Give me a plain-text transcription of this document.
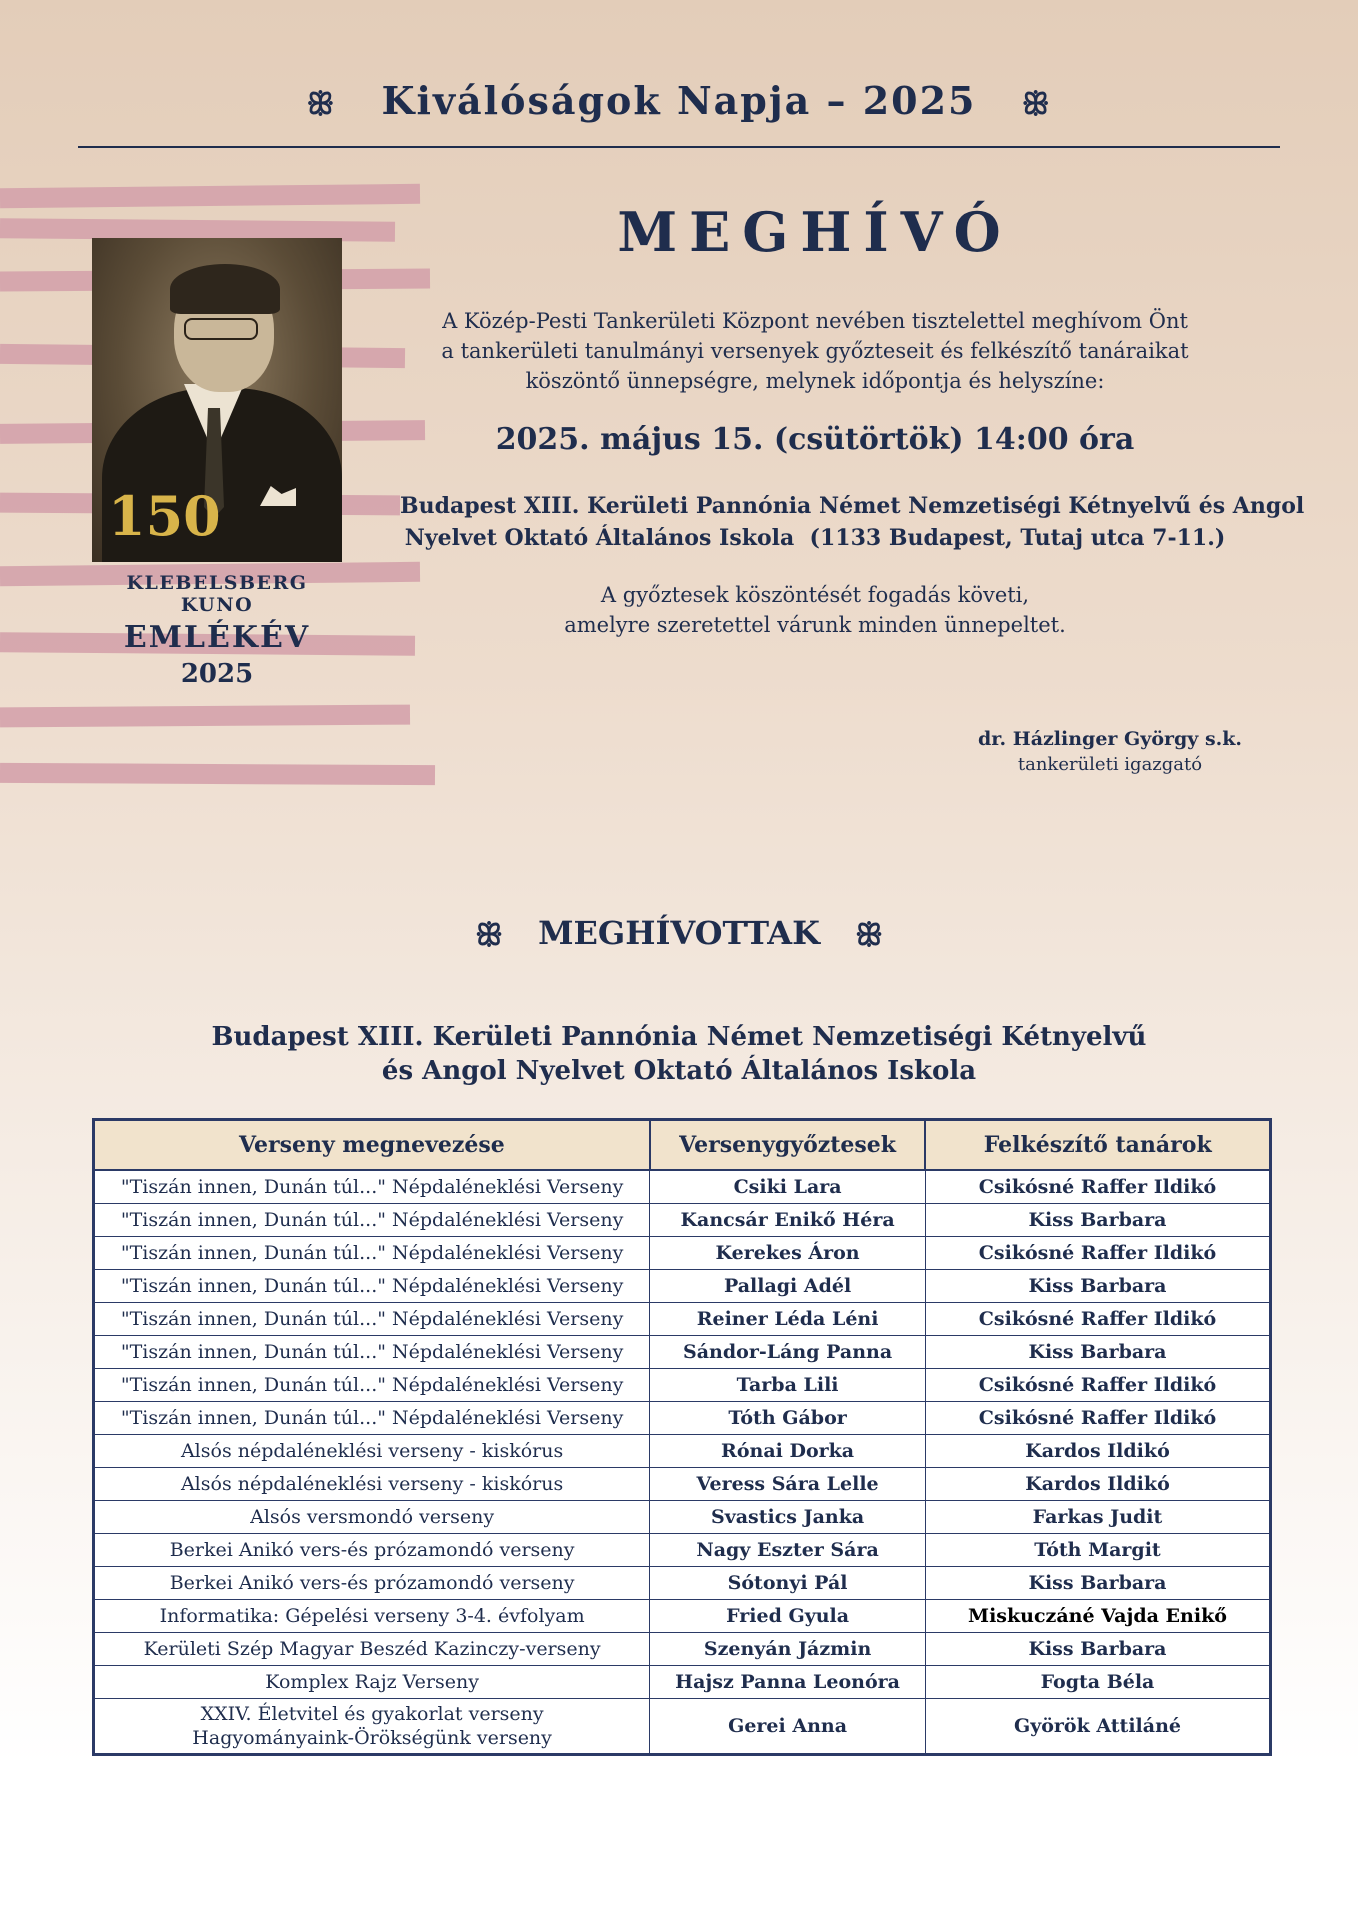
ꕥ Kiválóságok Napja – 2025 ꕥ
150
KLEBELSBERG KUNO
EMLÉKÉV
2025
MEGHÍVÓ
A Közép-Pesti Tankerületi Központ nevében tisztelettel meghívom Önt
a tankerületi tanulmányi versenyek győzteseit és felkészítő tanáraikat
köszöntő ünnepségre, melynek időpontja és helyszíne:
2025. május 15. (csütörtök) 14:00 óra
Budapest XIII. Kerületi Pannónia Német Nemzetiségi Kétnyelvű és Angol
Nyelvet Oktató Általános Iskola  (1133 Budapest, Tutaj utca 7-11.)
A győztesek köszöntését fogadás követi,
amelyre szeretettel várunk minden ünnepeltet.
dr. Házlinger György s.k.
tankerületi igazgató
ꕥ MEGHÍVOTTAK ꕥ
Budapest XIII. Kerületi Pannónia Német Nemzetiségi Kétnyelvű
és Angol Nyelvet Oktató Általános Iskola
Verseny megnevezése	Versenygyőztesek	Felkészítő tanárok
"Tiszán innen, Dunán túl..." Népdaléneklési Verseny	Csiki Lara	Csikósné Raffer Ildikó
"Tiszán innen, Dunán túl..." Népdaléneklési Verseny	Kancsár Enikő Héra	Kiss Barbara
"Tiszán innen, Dunán túl..." Népdaléneklési Verseny	Kerekes Áron	Csikósné Raffer Ildikó
"Tiszán innen, Dunán túl..." Népdaléneklési Verseny	Pallagi Adél	Kiss Barbara
"Tiszán innen, Dunán túl..." Népdaléneklési Verseny	Reiner Léda Léni	Csikósné Raffer Ildikó
"Tiszán innen, Dunán túl..." Népdaléneklési Verseny	Sándor-Láng Panna	Kiss Barbara
"Tiszán innen, Dunán túl..." Népdaléneklési Verseny	Tarba Lili	Csikósné Raffer Ildikó
"Tiszán innen, Dunán túl..." Népdaléneklési Verseny	Tóth Gábor	Csikósné Raffer Ildikó
Alsós népdaléneklési verseny - kiskórus	Rónai Dorka	Kardos Ildikó
Alsós népdaléneklési verseny - kiskórus	Veress Sára Lelle	Kardos Ildikó
Alsós versmondó verseny	Svastics Janka	Farkas Judit
Berkei Anikó vers-és prózamondó verseny	Nagy Eszter Sára	Tóth Margit
Berkei Anikó vers-és prózamondó verseny	Sótonyi Pál	Kiss Barbara
Informatika: Gépelési verseny 3-4. évfolyam	Fried Gyula	Miskuczáné Vajda Enikő
Kerületi Szép Magyar Beszéd Kazinczy-verseny	Szenyán Jázmin	Kiss Barbara
Komplex Rajz Verseny	Hajsz Panna Leonóra	Fogta Béla
XXIV. Életvitel és gyakorlat verseny
Hagyományaink-Örökségünk verseny	Gerei Anna	Györök Attiláné
